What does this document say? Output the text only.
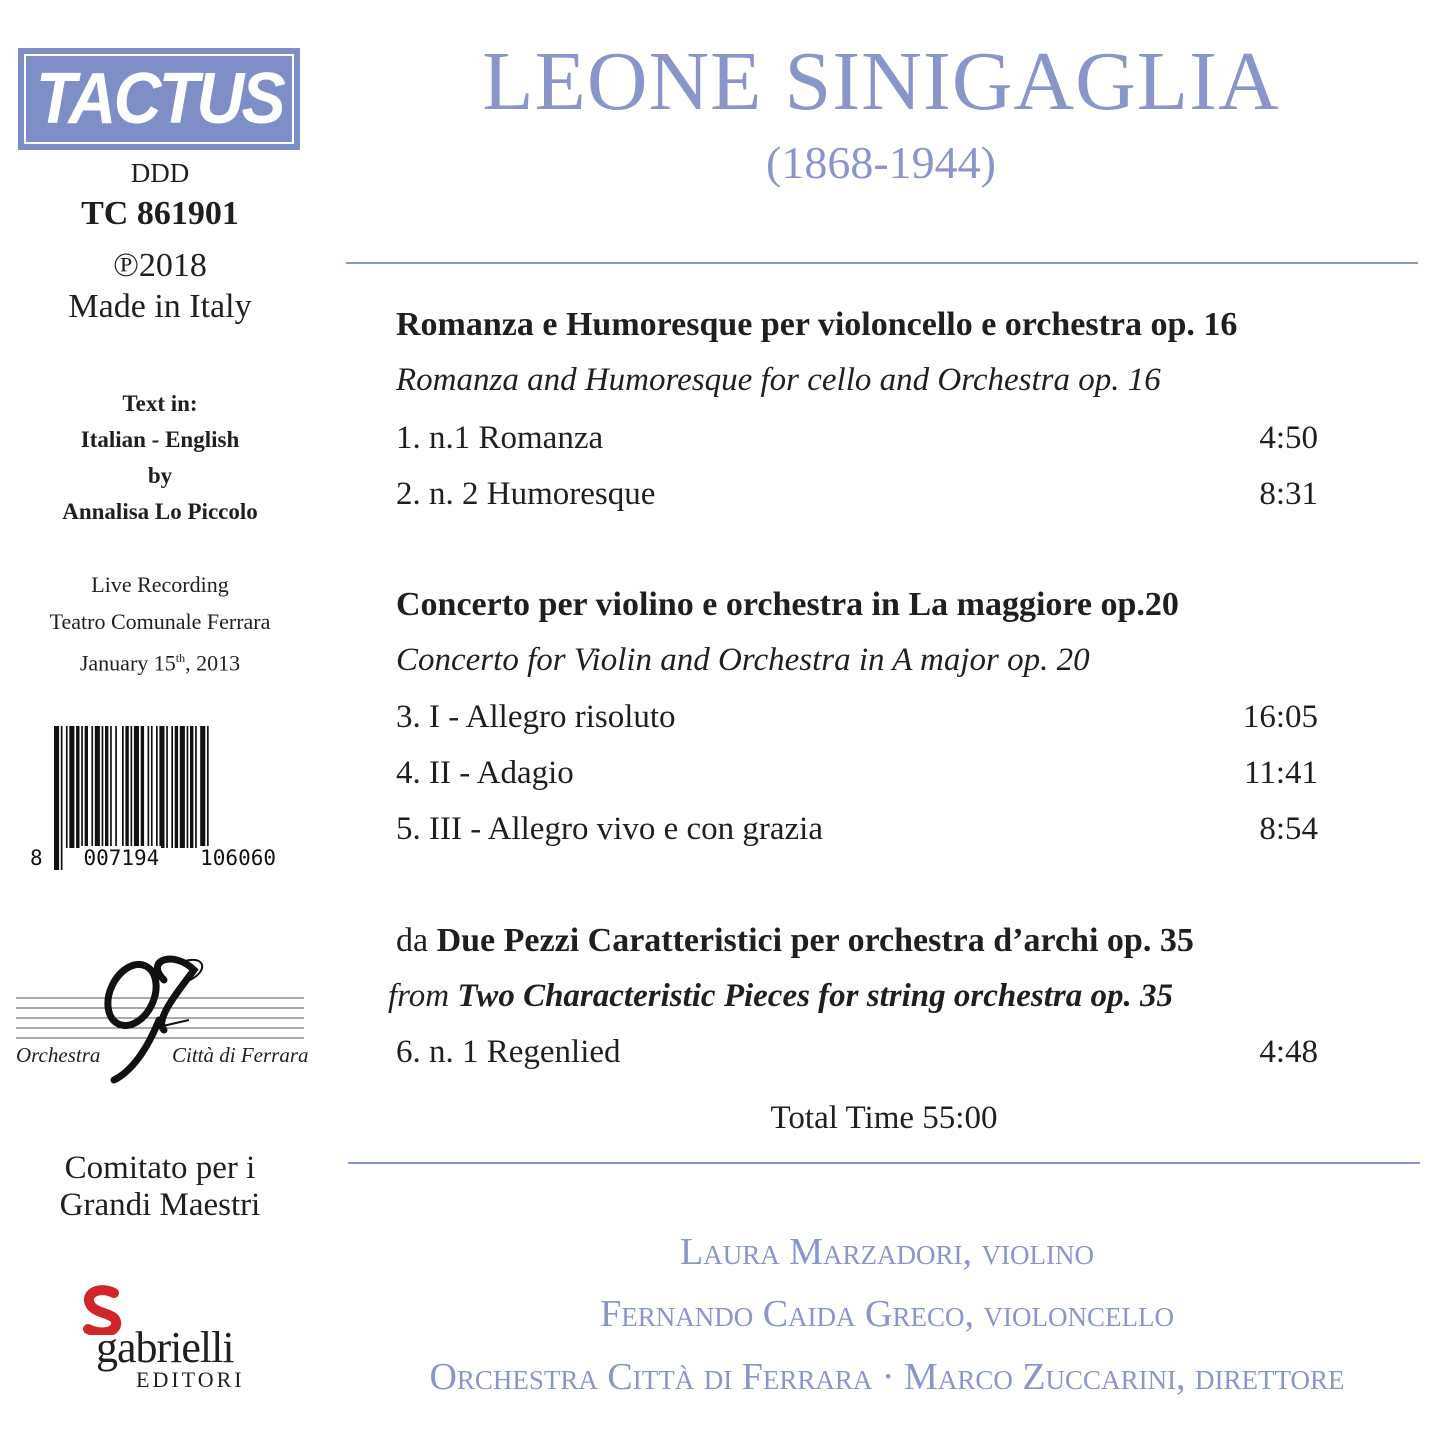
TACTUS
DDD
TC 861901
℗2018
Made in Italy
Text in:
Italian - English
by
Annalisa Lo Piccolo
Live Recording
Teatro Comunale Ferrara
January 15th, 2013
8 007194 106060
Orchestra	Città di Ferrara
Comitato per i
Grandi Maestri
gabrielli
EDITORI
LEONE SINIGAGLIA
(1868-1944)
Romanza e Humoresque per violoncello e orchestra op. 16
Romanza and Humoresque for cello and Orchestra op. 16
1. n.1 Romanza	4:50
2. n. 2 Humoresque	8:31
Concerto per violino e orchestra in La maggiore op.20
Concerto for Violin and Orchestra in A major op. 20
3. I - Allegro risoluto	16:05
4. II - Adagio	11:41
5. III - Allegro vivo e con grazia	8:54
da Due Pezzi Caratteristici per orchestra d’archi op. 35
from Two Characteristic Pieces for string orchestra op. 35
6. n. 1 Regenlied	4:48
Total Time 55:00
Laura Marzadori, violino
Fernando Caida Greco, violoncello
Orchestra Città di Ferrara · Marco Zuccarini, direttore
